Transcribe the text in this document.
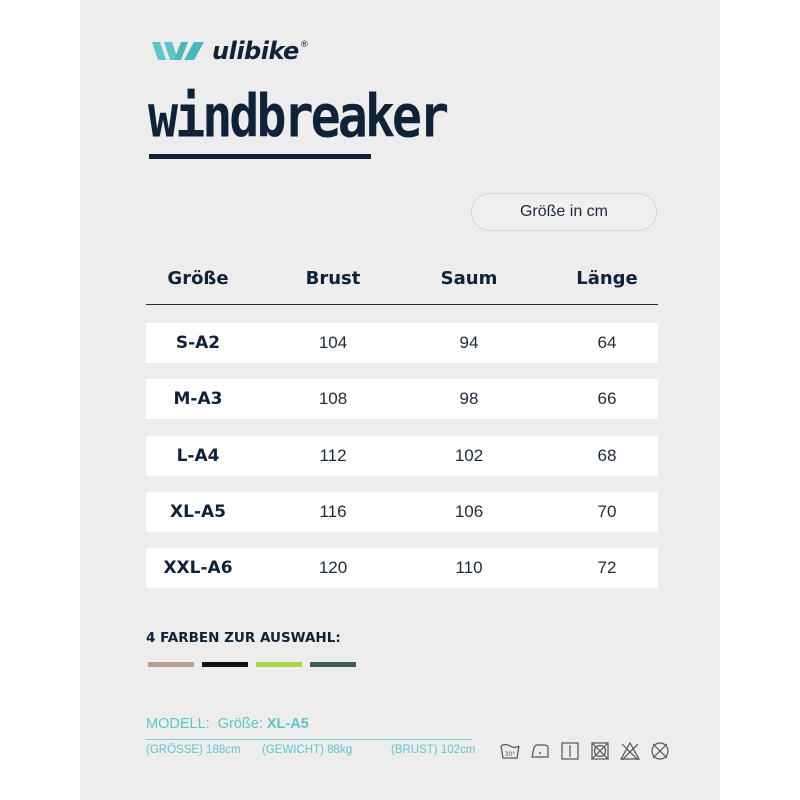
ulibike ®
windbreaker
Größe in cm
Größe	Brust	Saum	Länge
S-A2	104	94	64
M-A3	108	98	66
L-A4	112	102	68
XL-A5	116	106	70
XXL-A6	120	110	72
4 FARBEN ZUR AUSWAHL:
MODELL: Größe: XL-A5
(GRÖSSE) 188cm (GEWICHT) 88kg	(BRUST) 102cm	30°
